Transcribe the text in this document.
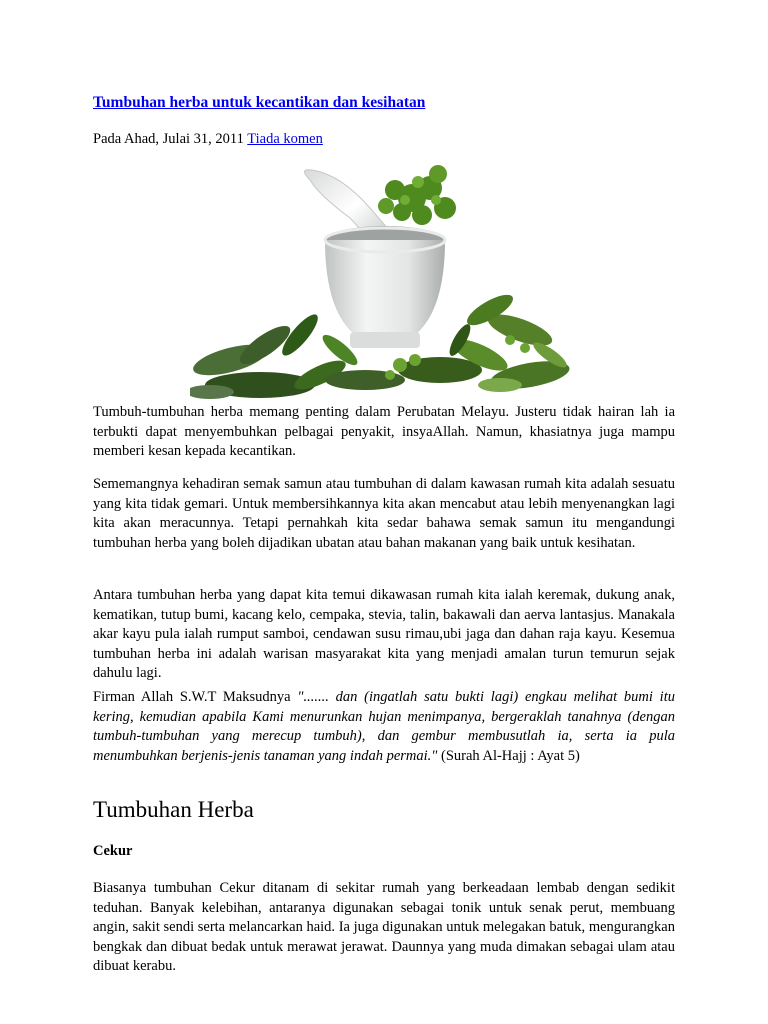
Tumbuhan herba untuk kecantikan dan kesihatan
Pada Ahad, Julai 31, 2011 Tiada komen

Tumbuh-tumbuhan herba memang penting dalam Perubatan Melayu. Justeru tidak hairan lah ia terbukti dapat menyembuhkan pelbagai penyakit, insyaAllah. Namun, khasiatnya juga mampu memberi kesan kepada kecantikan.

Sememangnya kehadiran semak samun atau tumbuhan di dalam kawasan rumah kita adalah sesuatu yang kita tidak gemari. Untuk membersihkannya kita akan mencabut atau lebih menyenangkan lagi kita akan meracunnya. Tetapi pernahkah kita sedar bahawa semak samun itu mengandungi tumbuhan herba yang boleh dijadikan ubatan atau bahan makanan yang baik untuk kesihatan.

Antara tumbuhan herba yang dapat kita temui dikawasan rumah kita ialah keremak, dukung anak, kematikan, tutup bumi, kacang kelo, cempaka, stevia, talin, bakawali dan aerva lantasjus. Manakala akar kayu pula ialah rumput samboi, cendawan susu rimau,ubi jaga dan dahan raja kayu. Kesemua tumbuhan herba ini adalah warisan masyarakat kita yang menjadi amalan turun temurun sejak dahulu lagi.

Firman Allah S.W.T Maksudnya "....... dan (ingatlah satu bukti lagi) engkau melihat bumi itu kering, kemudian apabila Kami menurunkan hujan menimpanya, bergeraklah tanahnya (dengan tumbuh-tumbuhan yang merecup tumbuh), dan gembur membusutlah ia, serta ia pula menumbuhkan berjenis-jenis tanaman yang indah permai." (Surah Al-Hajj : Ayat 5)

Tumbuhan Herba
Cekur

Biasanya tumbuhan Cekur ditanam di sekitar rumah yang berkeadaan lembab dengan sedikit teduhan. Banyak kelebihan, antaranya digunakan sebagai tonik untuk senak perut, membuang angin, sakit sendi serta melancarkan haid. Ia juga digunakan untuk melegakan batuk, mengurangkan bengkak dan dibuat bedak untuk merawat jerawat. Daunnya yang muda dimakan sebagai ulam atau dibuat kerabu.
